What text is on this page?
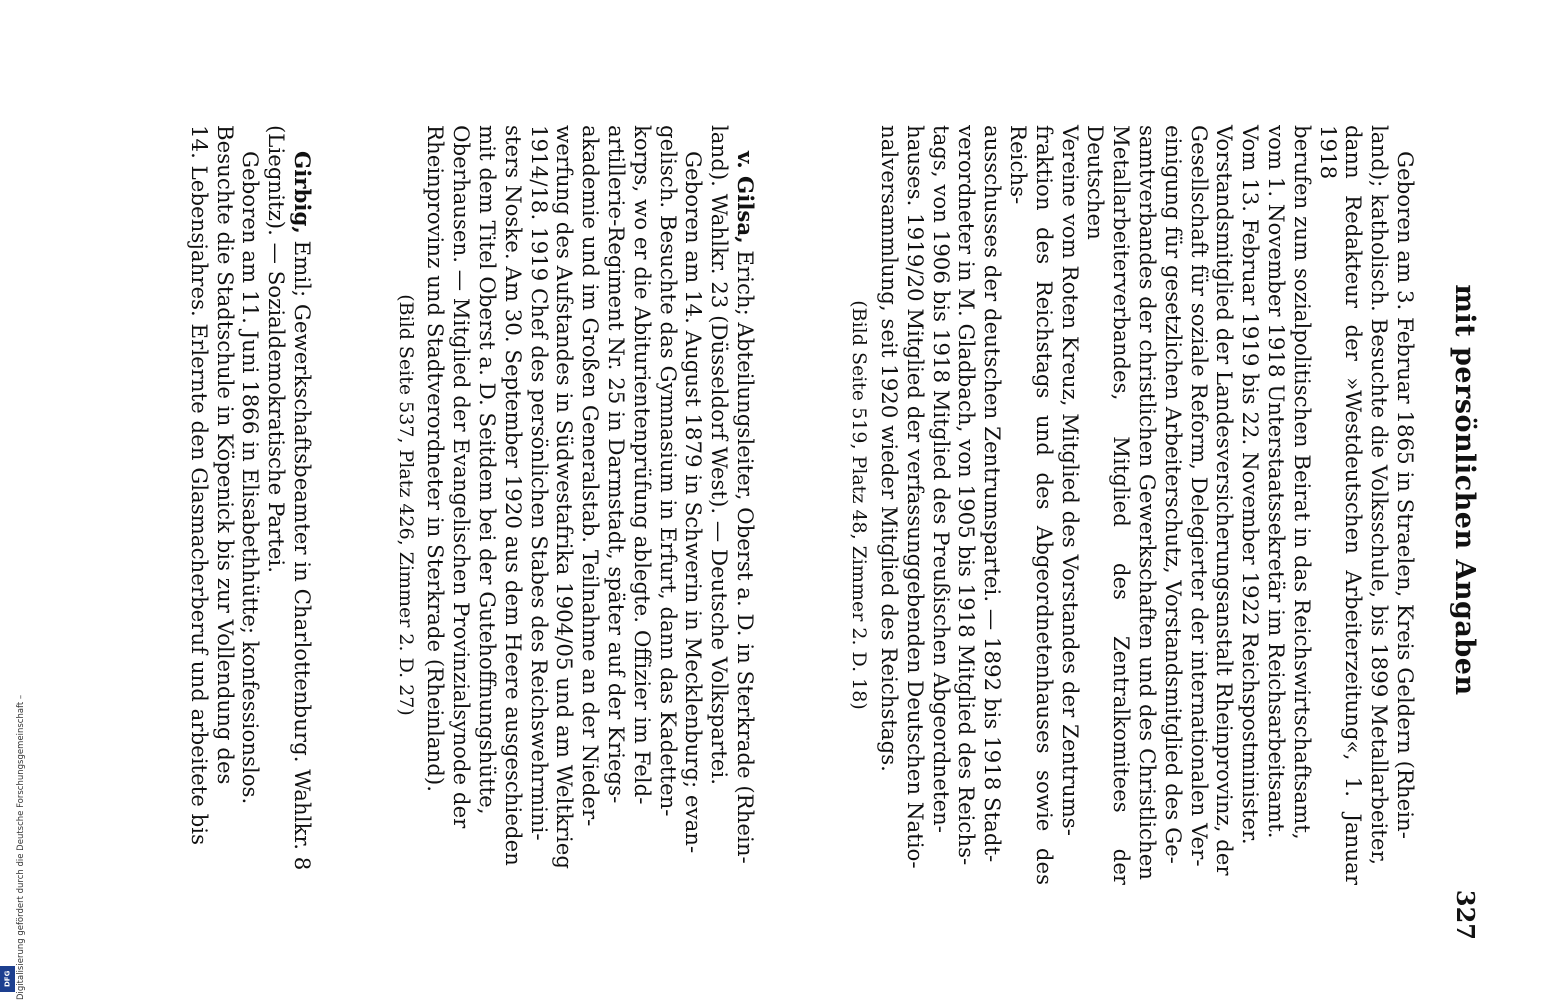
mit persönlichen Angaben
327

Geboren am 3. Februar 1865 in Straelen, Kreis Geldern (Rhein-

land); katholisch. Besuchte die Volksschule, bis 1899 Metallarbeiter,

dann Redakteur der »Westdeutschen Arbeiterzeitung«, 1. Januar 1918

berufen zum sozialpolitischen Beirat in das Reichswirtschaftsamt,

vom 1. November 1918 Unterstaatssekretär im Reichsarbeitsamt.

Vom 13. Februar 1919 bis 22. November 1922 Reichspostminister.

Vorstandsmitglied der Landesversicherungsanstalt Rheinprovinz, der

Gesellschaft für soziale Reform, Delegierter der internationalen Ver-

einigung für gesetzlichen Arbeiterschutz, Vorstandsmitglied des Ge-

samtverbandes der christlichen Gewerkschaften und des Christlichen

Metallarbeiterverbandes, Mitglied des Zentralkomitees der Deutschen

Vereine vom Roten Kreuz, Mitglied des Vorstandes der Zentrums-

fraktion des Reichstags und des Abgeordnetenhauses sowie des Reichs-

ausschusses der deutschen Zentrumspartei. — 1892 bis 1918 Stadt-

verordneter in M. Gladbach, von 1905 bis 1918 Mitglied des Reichs-

tags, von 1906 bis 1918 Mitglied des Preußischen Abgeordneten-

hauses. 1919/20 Mitglied der verfassunggebenden Deutschen Natio-

nalversammlung, seit 1920 wieder Mitglied des Reichstags.

(Bild Seite 519, Platz 48, Zimmer 2. D. 18)

v. Gilsa, Erich; Abteilungsleiter, Oberst a. D. in Sterkrade (Rhein-

land). Wahlkr. 23 (Düsseldorf West). — Deutsche Volkspartei.

Geboren am 14. August 1879 in Schwerin in Mecklenburg; evan-

gelisch. Besuchte das Gymnasium in Erfurt, dann das Kadetten-

korps, wo er die Abiturientenprüfung ablegte. Offizier im Feld-

artillerie-Regiment Nr. 25 in Darmstadt, später auf der Kriegs-

akademie und im Großen Generalstab. Teilnahme an der Nieder-

werfung des Aufstandes in Südwestafrika 1904/05 und am Weltkrieg

1914/18. 1919 Chef des persönlichen Stabes des Reichswehrmini-

sters Noske. Am 30. September 1920 aus dem Heere ausgeschieden

mit dem Titel Oberst a. D. Seitdem bei der Gutehoffnungshütte,

Oberhausen. — Mitglied der Evangelischen Provinzialsynode der

Rheinprovinz und Stadtverordneter in Sterkrade (Rheinland).

(Bild Seite 537, Platz 426, Zimmer 2. D. 27)

Girbig, Emil; Gewerkschaftsbeamter in Charlottenburg. Wahlkr. 8

(Liegnitz). — Sozialdemokratische Partei.

Geboren am 11. Juni 1866 in Elisabethhütte; konfessionslos.

Besuchte die Stadtschule in Köpenick bis zur Vollendung des

14. Lebensjahres. Erlernte den Glasmacherberuf und arbeitete bis

Digitalisierung gefördert durch die Deutsche Forschungsgemeinschaft –
DFG
